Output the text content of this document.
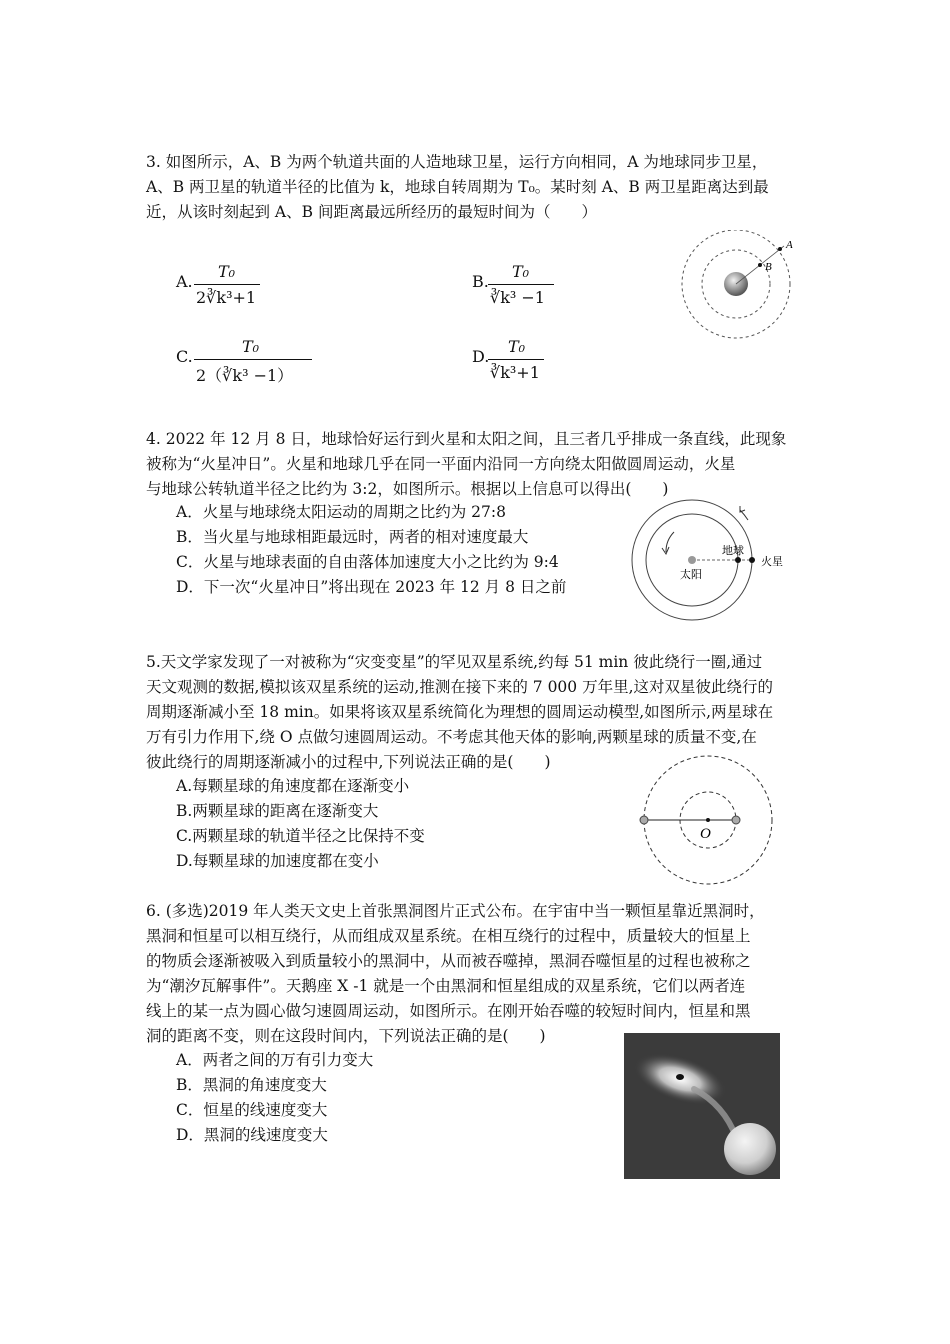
3. 如图所示，A、B 为两个轨道共面的人造地球卫星，运行方向相同，A 为地球同步卫星，
A、B 两卫星的轨道半径的比值为 k，地球自转周期为 T₀。某时刻 A、B 两卫星距离达到最
近，从该时刻起到 A、B 间距离最远所经历的最短时间为（　　）
A.
T₀
2∛k³+1
B.
T₀
∛k³ −1
C.
T₀
2（∛k³ −1）
D.
T₀
∛k³+1
A
B
4. 2022 年 12 月 8 日，地球恰好运行到火星和太阳之间，且三者几乎排成一条直线，此现象
被称为“火星冲日”。火星和地球几乎在同一平面内沿同一方向绕太阳做圆周运动，火星
与地球公转轨道半径之比约为 3:2，如图所示。根据以上信息可以得出(　　)
A．火星与地球绕太阳运动的周期之比约为 27:8
B．当火星与地球相距最远时，两者的相对速度最大
C．火星与地球表面的自由落体加速度大小之比约为 9:4
D．下一次“火星冲日”将出现在 2023 年 12 月 8 日之前
太阳
地球
火星
5.天文学家发现了一对被称为“灾变变星”的罕见双星系统,约每 51 min 彼此绕行一圈,通过
天文观测的数据,模拟该双星系统的运动,推测在接下来的 7 000 万年里,这对双星彼此绕行的
周期逐渐减小至 18 min。如果将该双星系统简化为理想的圆周运动模型,如图所示,两星球在
万有引力作用下,绕 O 点做匀速圆周运动。不考虑其他天体的影响,两颗星球的质量不变,在
彼此绕行的周期逐渐减小的过程中,下列说法正确的是(　　)
A.每颗星球的角速度都在逐渐变小
B.两颗星球的距离在逐渐变大
C.两颗星球的轨道半径之比保持不变
D.每颗星球的加速度都在变小
O
6. (多选)2019 年人类天文史上首张黑洞图片正式公布。在宇宙中当一颗恒星靠近黑洞时，
黑洞和恒星可以相互绕行，从而组成双星系统。在相互绕行的过程中，质量较大的恒星上
的物质会逐渐被吸入到质量较小的黑洞中，从而被吞噬掉，黑洞吞噬恒星的过程也被称之
为“潮汐瓦解事件”。天鹅座 X -1 就是一个由黑洞和恒星组成的双星系统，它们以两者连
线上的某一点为圆心做匀速圆周运动，如图所示。在刚开始吞噬的较短时间内，恒星和黑
洞的距离不变，则在这段时间内，下列说法正确的是(　　)
A．两者之间的万有引力变大
B．黑洞的角速度变大
C．恒星的线速度变大
D．黑洞的线速度变大
